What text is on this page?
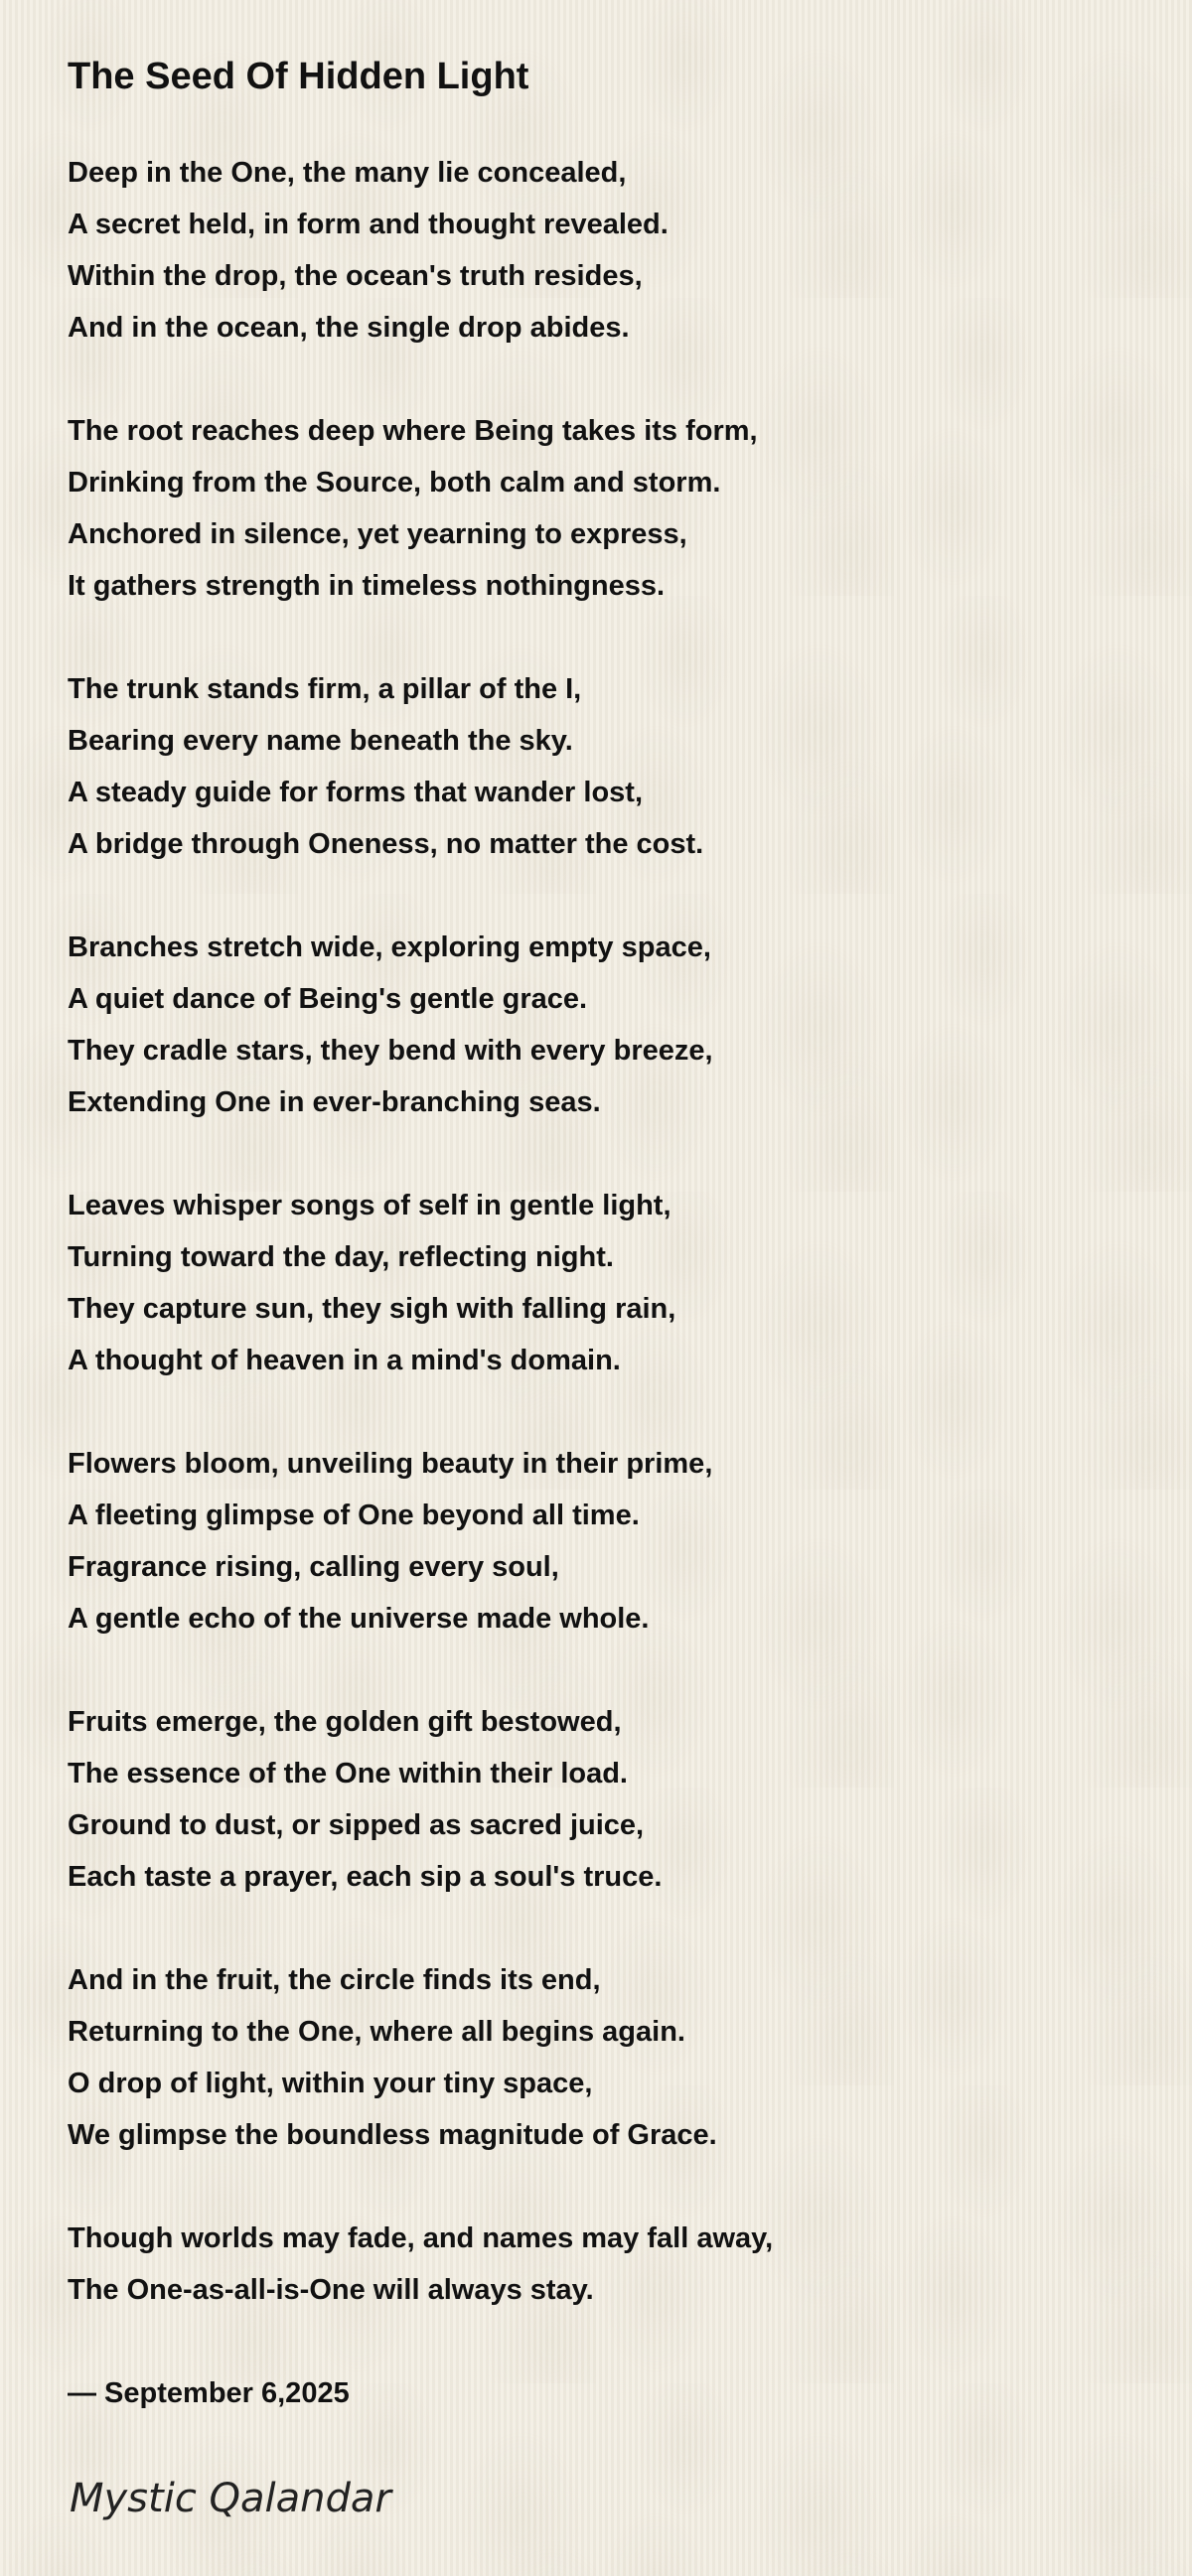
The Seed Of Hidden Light
Deep in the One, the many lie concealed,
A secret held, in form and thought revealed.
Within the drop, the ocean's truth resides,
And in the ocean, the single drop abides.
The root reaches deep where Being takes its form,
Drinking from the Source, both calm and storm.
Anchored in silence, yet yearning to express,
It gathers strength in timeless nothingness.
The trunk stands firm, a pillar of the I,
Bearing every name beneath the sky.
A steady guide for forms that wander lost,
A bridge through Oneness, no matter the cost.
Branches stretch wide, exploring empty space,
A quiet dance of Being's gentle grace.
They cradle stars, they bend with every breeze,
Extending One in ever-branching seas.
Leaves whisper songs of self in gentle light,
Turning toward the day, reflecting night.
They capture sun, they sigh with falling rain,
A thought of heaven in a mind's domain.
Flowers bloom, unveiling beauty in their prime,
A fleeting glimpse of One beyond all time.
Fragrance rising, calling every soul,
A gentle echo of the universe made whole.
Fruits emerge, the golden gift bestowed,
The essence of the One within their load.
Ground to dust, or sipped as sacred juice,
Each taste a prayer, each sip a soul's truce.
And in the fruit, the circle finds its end,
Returning to the One, where all begins again.
O drop of light, within your tiny space,
We glimpse the boundless magnitude of Grace.
Though worlds may fade, and names may fall away,
The One-as-all-is-One will always stay.
— September 6,2025
Mystic Qalandar
